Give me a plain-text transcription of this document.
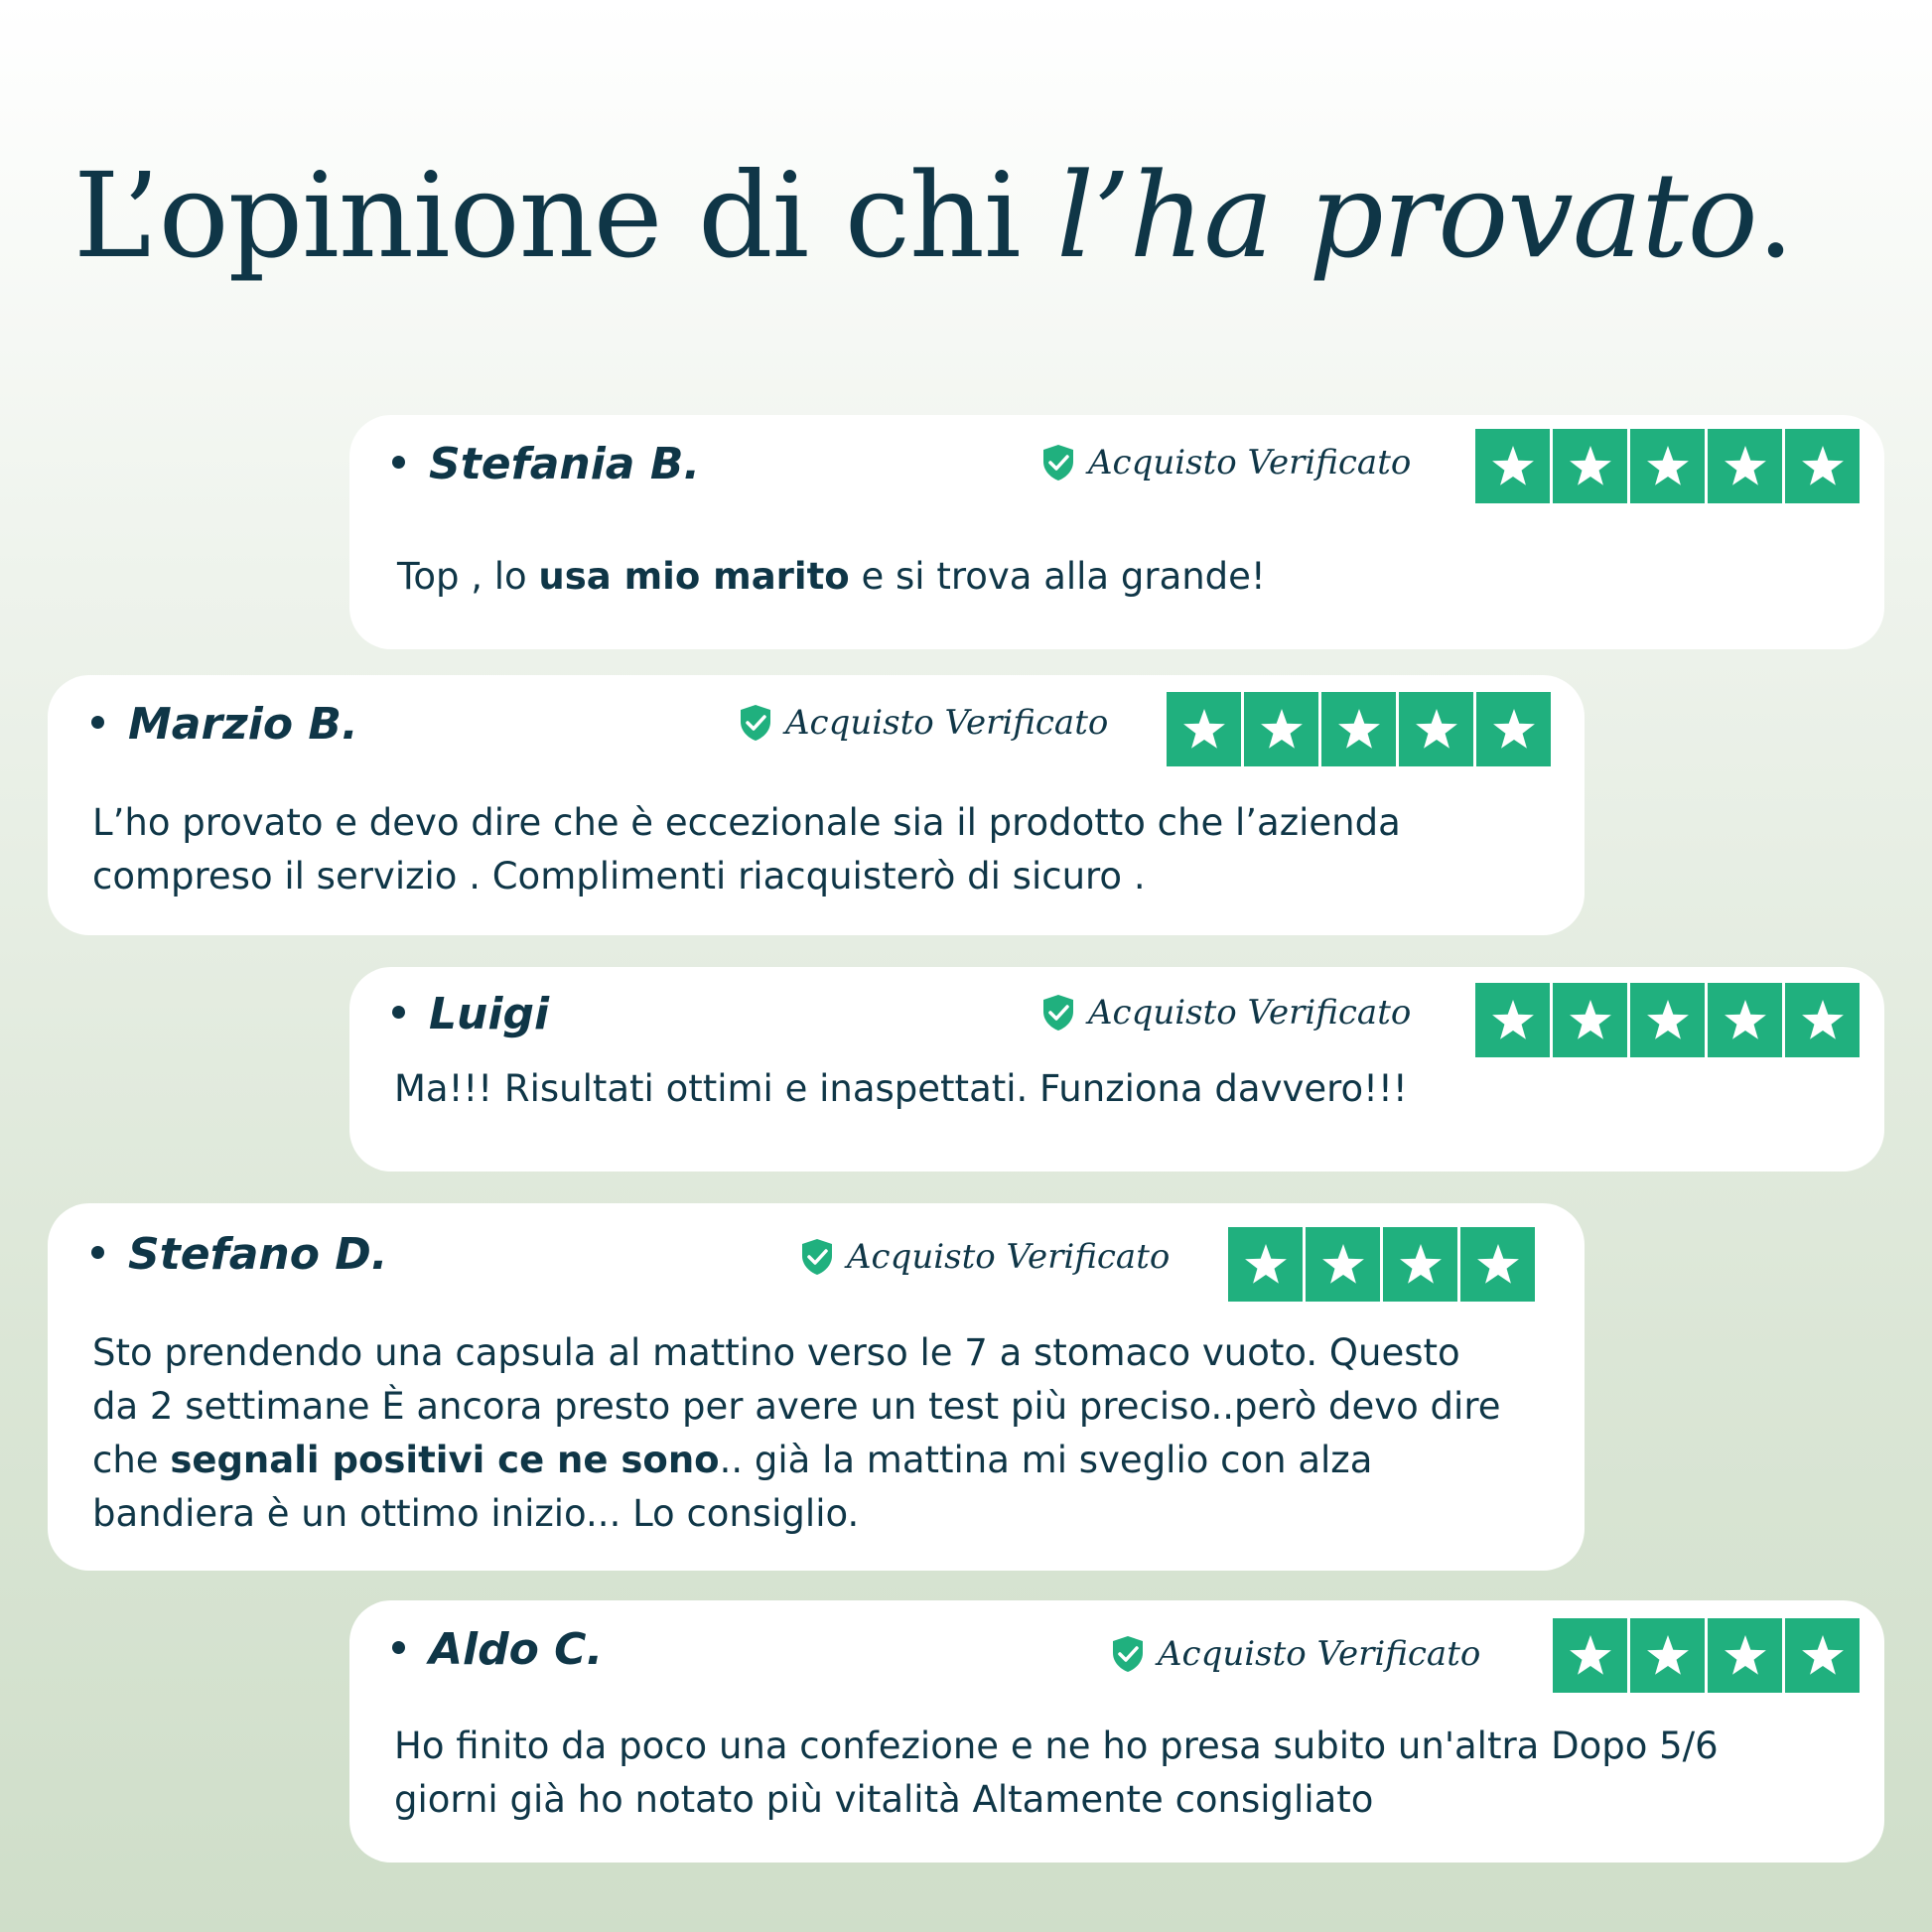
L’opinione di chi l’ha provato.

Stefania B.	Acquisto Verificato

Top , lo usa mio marito e si trova alla grande!

Marzio B.	Acquisto Verificato

L’ho provato e devo dire che è eccezionale sia il prodotto che l’azienda
compreso il servizio . Complimenti riacquisterò di sicuro .

Luigi	Acquisto Verificato

Ma!!! Risultati ottimi e inaspettati. Funziona davvero!!!

Stefano D.	Acquisto Verificato

Sto prendendo una capsula al mattino verso le 7 a stomaco vuoto. Questo
da 2 settimane È ancora presto per avere un test più preciso..però devo dire
che segnali positivi ce ne sono.. già la mattina mi sveglio con alza
bandiera è un ottimo inizio... Lo consiglio.

Aldo C.	Acquisto Verificato

Ho finito da poco una confezione e ne ho presa subito un'altra Dopo 5/6
giorni già ho notato più vitalità Altamente consigliato
